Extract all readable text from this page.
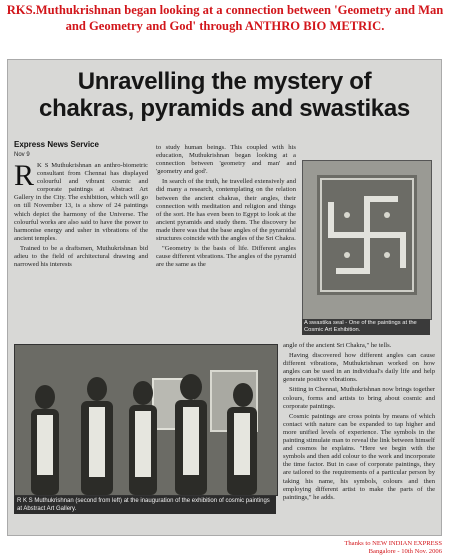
RKS.Muthukrishnan began looking at a connection between 'Geometry and Man and Geometry and God' through ANTHRO BIO METRIC.
Unravelling the mystery of
chakras, pyramids and swastikas
Express News Service
Nov 9

R K S Muthukrishnan an anthro-biometric consultant from Chennai has displayed colourful and vibrant cosmic and corporate paintings at Abstract Art Gallery in the City. The exhibition, which will go on till November 13, is a show of 24 paintings which depict the harmony of the Universe. The colourful works are also said to have the power to harmonise energy and usher in vibrations of the ancient temples.

Trained to be a draftsmen, Muthukrishnan bid adieu to the field of architectural drawing and narrowed his interests

to study human beings. This coupled with his education, Muthukrishnan began looking at a connection between 'geometry and man' and 'geometry and god'.

In search of the truth, he travelled extensively and did many a research, contemplating on the relation between the ancient chakras, their angles, their connection with meditation and religion and things of the sort. He has even been to Egypt to look at the ancient pyramids and study them. The discovery he made there was that the base angles of the pyramidal structures coincide with the angles of the Sri Chakra.

"Geometry is the basis of life. Different angles cause different vibrations. The angles of the pyramid are the same as the

A swastika seal - One of the paintings at the Cosmic Art Exhibition.

angle of the ancient Sri Chakra," he tells.

Having discovered how different angles can cause different vibrations, Muthukrishnan worked on how angles can be used in an individual's daily life and help generate positive vibrations.

Sitting in Chennai, Muthukrishnan now brings together colours, forms and artists to bring about cosmic and corporate paintings.

Cosmic paintings are cross points by means of which contact with nature can be expanded to tap higher and more unified levels of experience. The symbols in the painting stimulate man to reveal the link between himself and cosmos he explains. "Here we begin with the symbols and then add colour to the work and incorporate the time factor. But in case of corporate paintings, they are tailored to the requirements of a particular person by taking his name, his symbols, colours and then employing different artist to make the parts of the paintings," he adds.

R K S Muthukrishnan (second from left) at the inauguration of the exhibition of cosmic paintings at Abstract Art Gallery.
Thanks to NEW INDIAN EXPRESS
Bangalore - 10th Nov. 2006
